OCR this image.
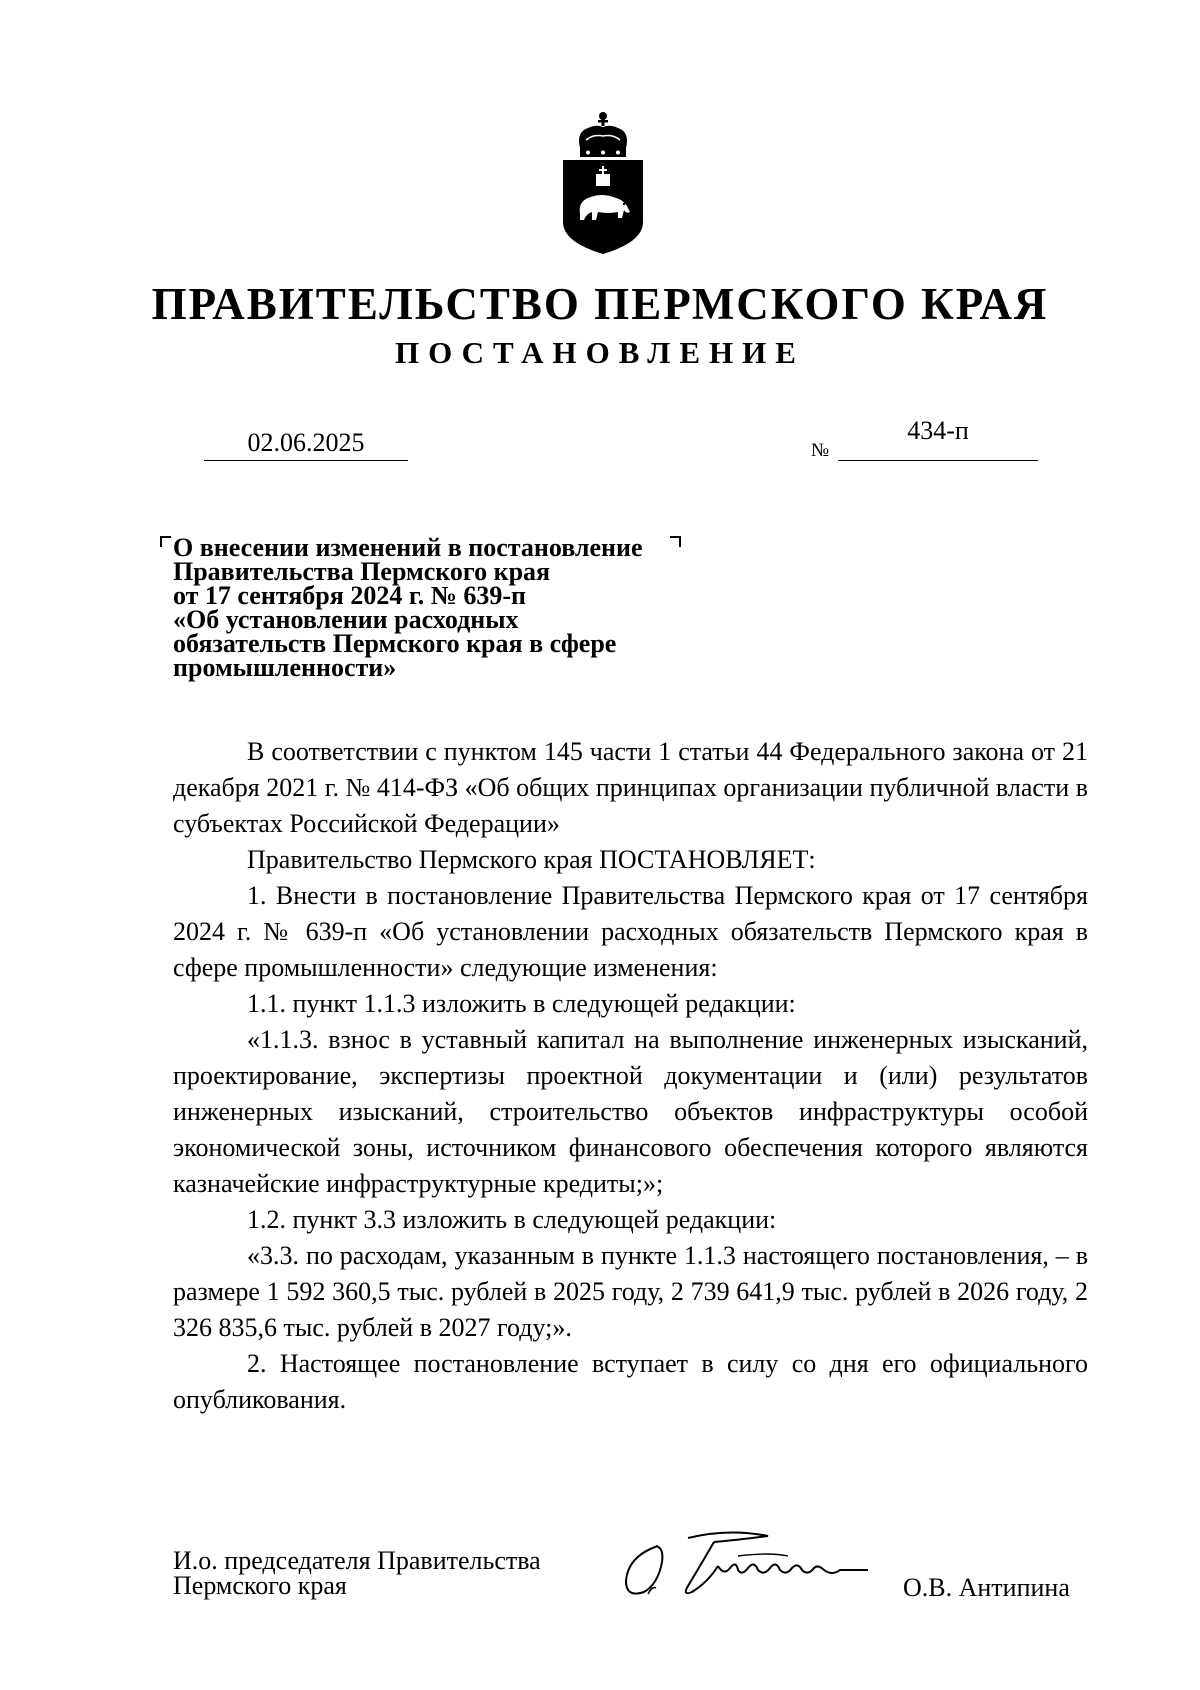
ПРАВИТЕЛЬСТВО ПЕРМСКОГО КРАЯ
ПОСТАНОВЛЕНИЕ
02.06.2025	№
434-п
О внесении изменений в постановление
Правительства Пермского края
от 17 сентября 2024 г. № 639-п
«Об установлении расходных
обязательств Пермского края в сфере
промышленности»

В соответствии с пунктом 145 части 1 статьи 44 Федерального закона от 21 декабря 2021 г. № 414-ФЗ «Об общих принципах организации публичной власти в субъектах Российской Федерации»

Правительство Пермского края ПОСТАНОВЛЯЕТ:

1. Внести в постановление Правительства Пермского края от 17 сентября 2024 г. № 639-п «Об установлении расходных обязательств Пермского края в сфере промышленности» следующие изменения:

1.1. пункт 1.1.3 изложить в следующей редакции:

«1.1.3. взнос в уставный капитал на выполнение инженерных изысканий, проектирование, экспертизы проектной документации и (или) результатов инженерных изысканий, строительство объектов инфраструктуры особой экономической зоны, источником финансового обеспечения которого являются казначейские инфраструктурные кредиты;»;

1.2. пункт 3.3 изложить в следующей редакции:

«3.3. по расходам, указанным в пункте 1.1.3 настоящего постановления, – в размере 1 592 360,5 тыс. рублей в 2025 году, 2 739 641,9 тыс. рублей в 2026 году, 2 326 835,6 тыс. рублей в 2027 году;».

2. Настоящее постановление вступает в силу со дня его официального опубликования.

И.о. председателя Правительства
Пермского края	О.В. Антипина
